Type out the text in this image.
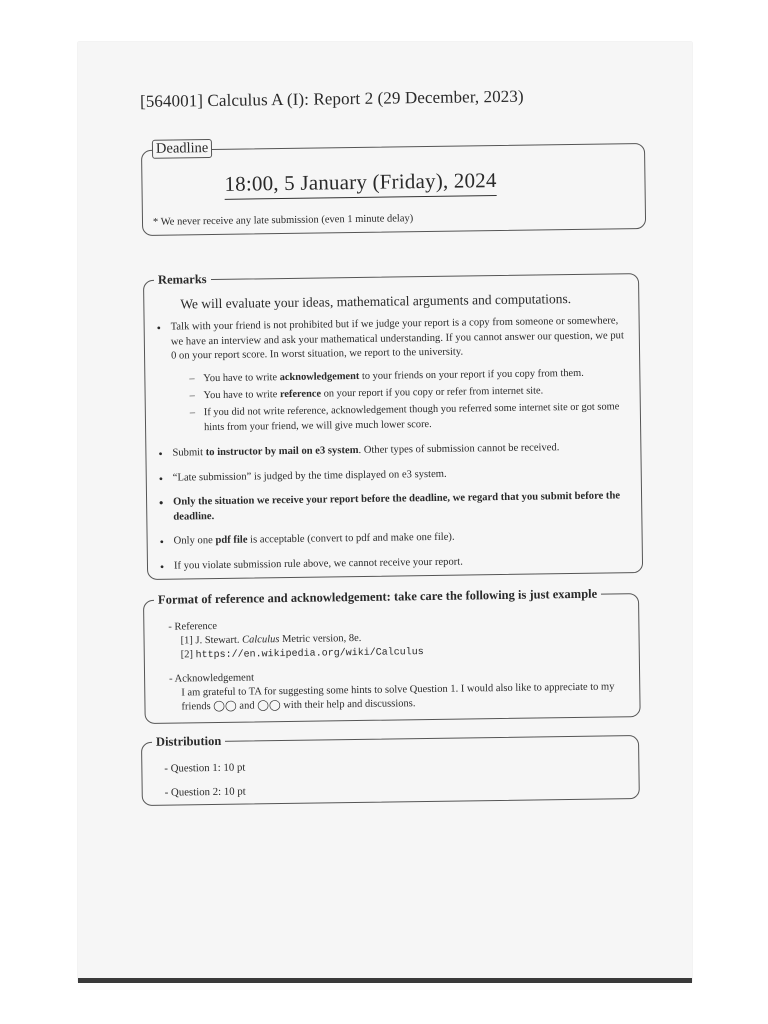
[564001] Calculus A (I): Report 2 (29 December, 2023)
Deadline
18:00, 5 January (Friday), 2024
* We never receive any late submission (even 1 minute delay)
Remarks
We will evaluate your ideas, mathematical arguments and computations.
• Talk with your friend is not prohibited but if we judge your report is a copy from someone or somewhere, we have an interview and ask your mathematical understanding. If you cannot answer our question, we put 0 on your report score. In worst situation, we report to the university.
– You have to write acknowledgement to your friends on your report if you copy from them.
– You have to write reference on your report if you copy or refer from internet site.
– If you did not write reference, acknowledgement though you referred some internet site or got some hints from your friend, we will give much lower score.
• Submit to instructor by mail on e3 system. Other types of submission cannot be received.
• “Late submission” is judged by the time displayed on e3 system.
• Only the situation we receive your report before the deadline, we regard that you submit before the deadline.
• Only one pdf file is acceptable (convert to pdf and make one file).
• If you violate submission rule above, we cannot receive your report.
Format of reference and acknowledgement: take care the following is just example
- Reference
[1] J. Stewart. Calculus Metric version, 8e.
[2] https://en.wikipedia.org/wiki/Calculus
- Acknowledgement
I am grateful to TA for suggesting some hints to solve Question 1. I would also like to appreciate to my friends ◯◯ and ◯◯ with their help and discussions.
Distribution
- Question 1: 10 pt
- Question 2: 10 pt
